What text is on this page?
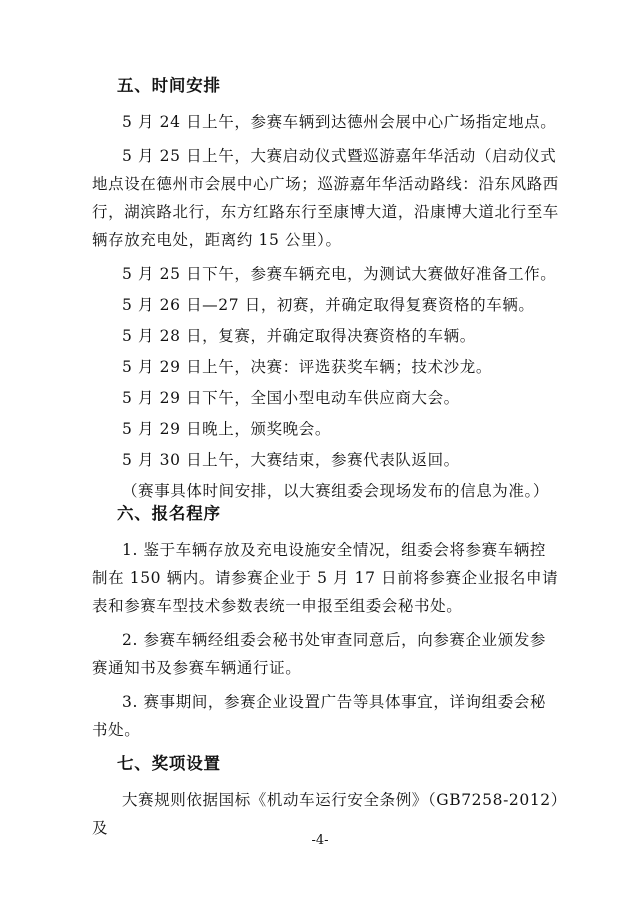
五、时间安排

5 月 24 日上午，参赛车辆到达德州会展中心广场指定地点。

5 月 25 日上午，大赛启动仪式暨巡游嘉年华活动（启动仪式地点设在德州市会展中心广场；巡游嘉年华活动路线：沿东风路西行，湖滨路北行，东方红路东行至康博大道，沿康博大道北行至车辆存放充电处，距离约 15 公里）。

5 月 25 日下午，参赛车辆充电，为测试大赛做好准备工作。

5 月 26 日—27 日，初赛，并确定取得复赛资格的车辆。

5 月 28 日，复赛，并确定取得决赛资格的车辆。

5 月 29 日上午，决赛：评选获奖车辆；技术沙龙。

5 月 29 日下午，全国小型电动车供应商大会。

5 月 29 日晚上，颁奖晚会。

5 月 30 日上午，大赛结束，参赛代表队返回。

（赛事具体时间安排，以大赛组委会现场发布的信息为准。）

六、报名程序

1. 鉴于车辆存放及充电设施安全情况，组委会将参赛车辆控制在 150 辆内。请参赛企业于 5 月 17 日前将参赛企业报名申请表和参赛车型技术参数表统一申报至组委会秘书处。

2. 参赛车辆经组委会秘书处审查同意后，向参赛企业颁发参赛通知书及参赛车辆通行证。

3. 赛事期间，参赛企业设置广告等具体事宜，详询组委会秘书处。

七、奖项设置

大赛规则依据国标《机动车运行安全条例》（GB7258-2012）及

-4-
